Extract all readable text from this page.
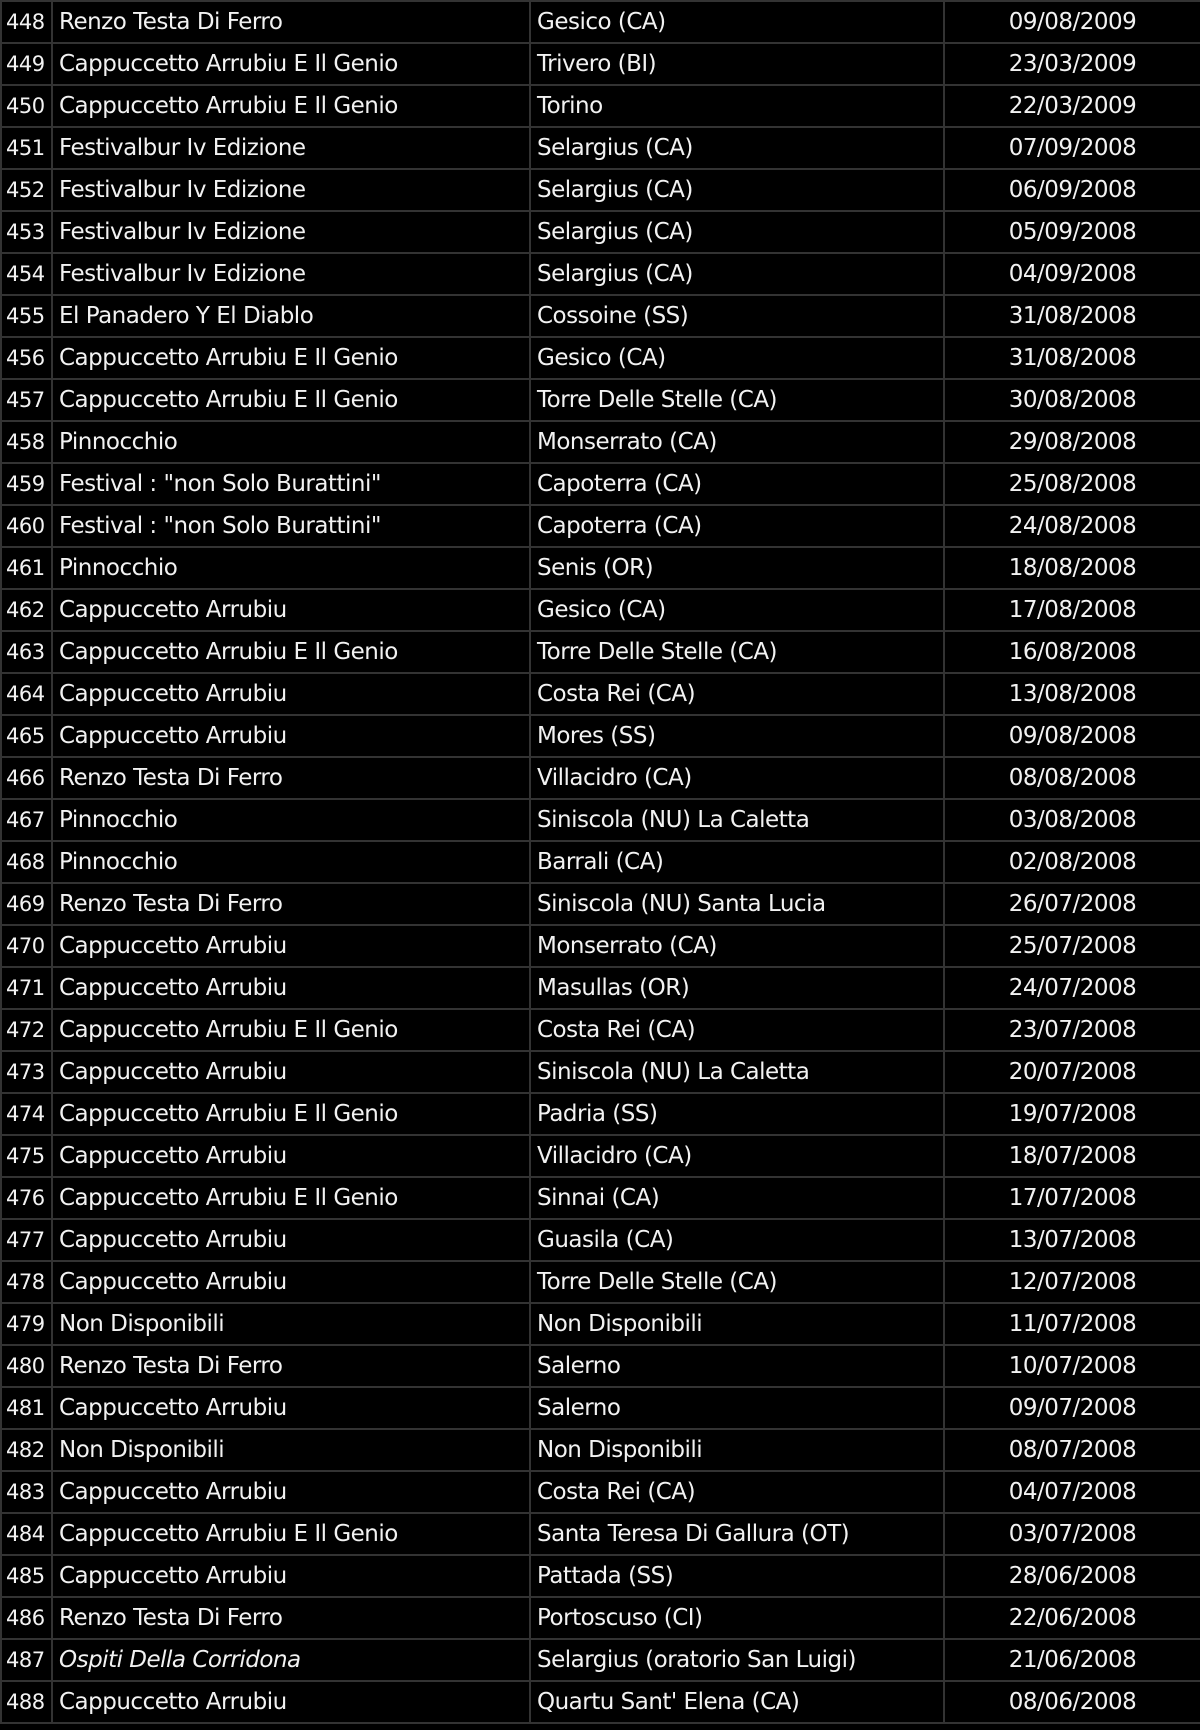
448	Renzo Testa Di Ferro	Gesico (CA)	09/08/2009
449	Cappuccetto Arrubiu E Il Genio	Trivero (BI)	23/03/2009
450	Cappuccetto Arrubiu E Il Genio	Torino	22/03/2009
451	Festivalbur Iv Edizione	Selargius (CA)	07/09/2008
452	Festivalbur Iv Edizione	Selargius (CA)	06/09/2008
453	Festivalbur Iv Edizione	Selargius (CA)	05/09/2008
454	Festivalbur Iv Edizione	Selargius (CA)	04/09/2008
455	El Panadero Y El Diablo	Cossoine (SS)	31/08/2008
456	Cappuccetto Arrubiu E Il Genio	Gesico (CA)	31/08/2008
457	Cappuccetto Arrubiu E Il Genio	Torre Delle Stelle (CA)	30/08/2008
458	Pinnocchio	Monserrato (CA)	29/08/2008
459	Festival : "non Solo Burattini"	Capoterra (CA)	25/08/2008
460	Festival : "non Solo Burattini"	Capoterra (CA)	24/08/2008
461	Pinnocchio	Senis (OR)	18/08/2008
462	Cappuccetto Arrubiu	Gesico (CA)	17/08/2008
463	Cappuccetto Arrubiu E Il Genio	Torre Delle Stelle (CA)	16/08/2008
464	Cappuccetto Arrubiu	Costa Rei (CA)	13/08/2008
465	Cappuccetto Arrubiu	Mores (SS)	09/08/2008
466	Renzo Testa Di Ferro	Villacidro (CA)	08/08/2008
467	Pinnocchio	Siniscola (NU) La Caletta	03/08/2008
468	Pinnocchio	Barrali (CA)	02/08/2008
469	Renzo Testa Di Ferro	Siniscola (NU) Santa Lucia	26/07/2008
470	Cappuccetto Arrubiu	Monserrato (CA)	25/07/2008
471	Cappuccetto Arrubiu	Masullas (OR)	24/07/2008
472	Cappuccetto Arrubiu E Il Genio	Costa Rei (CA)	23/07/2008
473	Cappuccetto Arrubiu	Siniscola (NU) La Caletta	20/07/2008
474	Cappuccetto Arrubiu E Il Genio	Padria (SS)	19/07/2008
475	Cappuccetto Arrubiu	Villacidro (CA)	18/07/2008
476	Cappuccetto Arrubiu E Il Genio	Sinnai (CA)	17/07/2008
477	Cappuccetto Arrubiu	Guasila (CA)	13/07/2008
478	Cappuccetto Arrubiu	Torre Delle Stelle (CA)	12/07/2008
479	Non Disponibili	Non Disponibili	11/07/2008
480	Renzo Testa Di Ferro	Salerno	10/07/2008
481	Cappuccetto Arrubiu	Salerno	09/07/2008
482	Non Disponibili	Non Disponibili	08/07/2008
483	Cappuccetto Arrubiu	Costa Rei (CA)	04/07/2008
484	Cappuccetto Arrubiu E Il Genio	Santa Teresa Di Gallura (OT)	03/07/2008
485	Cappuccetto Arrubiu	Pattada (SS)	28/06/2008
486	Renzo Testa Di Ferro	Portoscuso (CI)	22/06/2008
487	Ospiti Della Corridona	Selargius (oratorio San Luigi)	21/06/2008
488	Cappuccetto Arrubiu	Quartu Sant' Elena (CA)	08/06/2008
